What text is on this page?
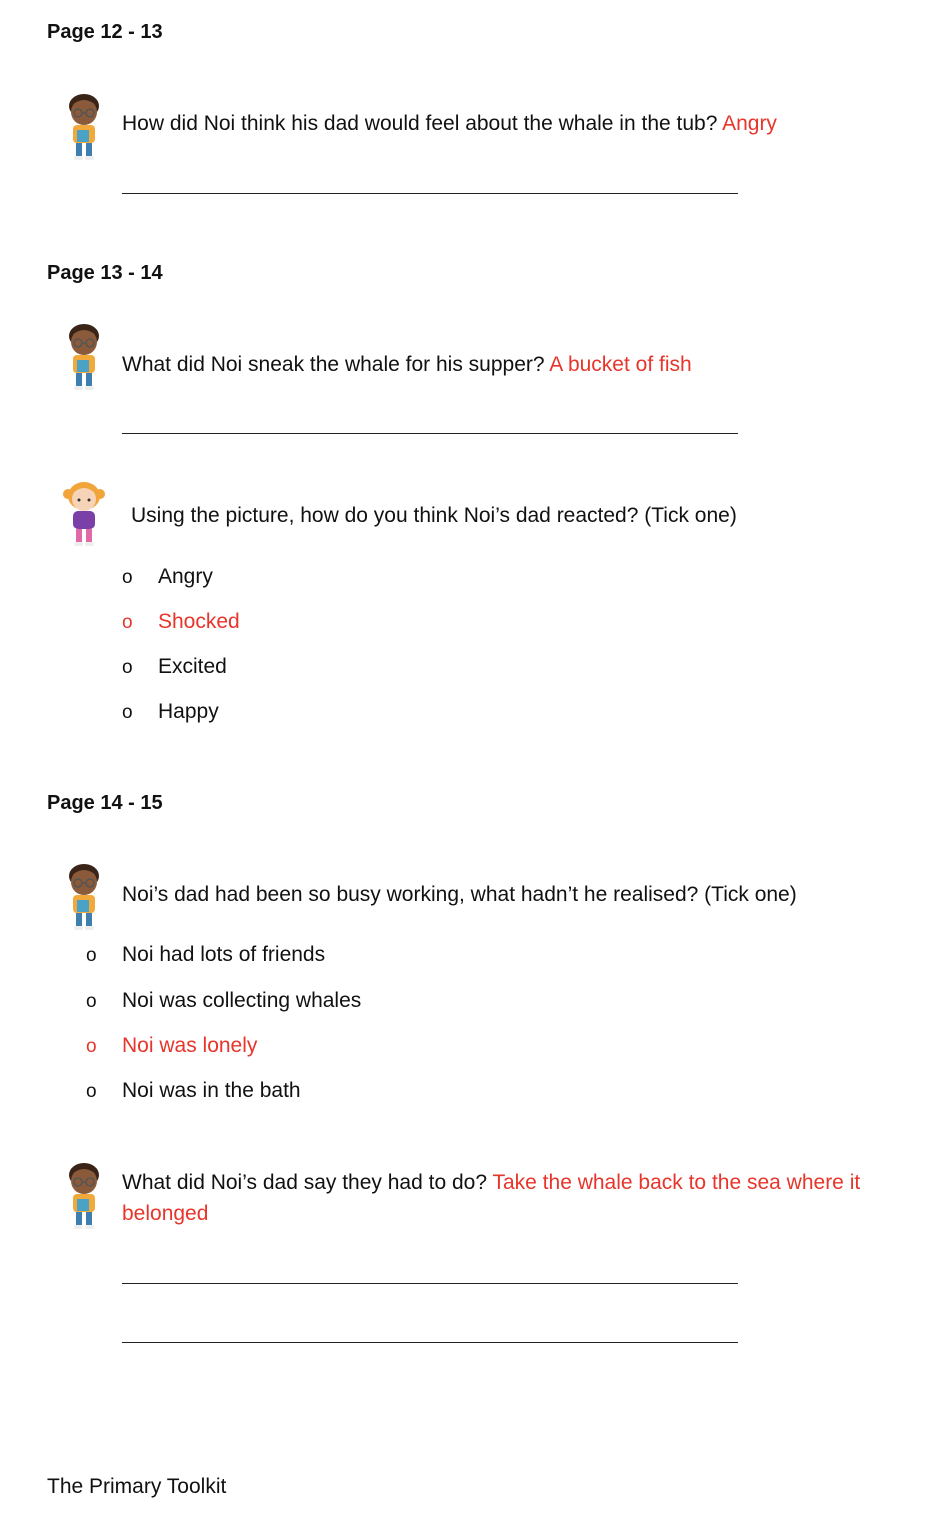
Page 12 - 13
How did Noi think his dad would feel about the whale in the tub? Angry
Page 13 - 14
What did Noi sneak the whale for his supper? A bucket of fish
Using the picture, how do you think Noi’s dad reacted? (Tick one)
o Angry
o Shocked
o Excited
o Happy
Page 14 - 15
Noi’s dad had been so busy working, what hadn’t he realised? (Tick one)
o Noi had lots of friends
o Noi was collecting whales
o Noi was lonely
o Noi was in the bath
What did Noi’s dad say they had to do? Take the whale back to the sea where it
belonged
The Primary Toolkit
